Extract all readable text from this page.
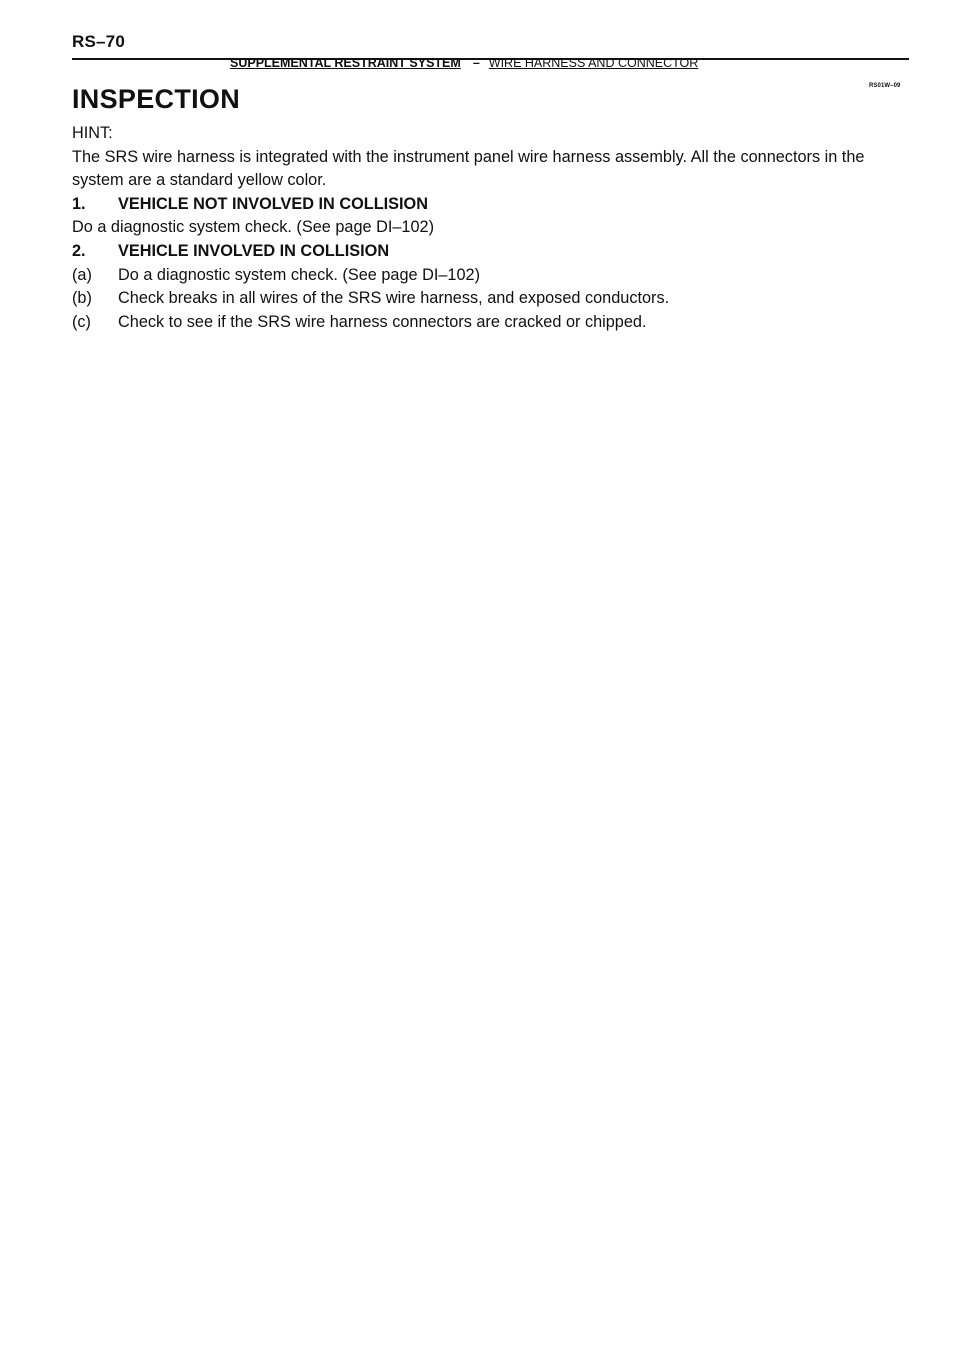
RS–70
SUPPLEMENTAL RESTRAINT SYSTEM – WIRE HARNESS AND CONNECTOR
RS01W–09
INSPECTION

HINT:

The SRS wire harness is integrated with the instrument panel wire harness assembly. All the connectors in the system are a standard yellow color.

1.	VEHICLE NOT INVOLVED IN COLLISION

Do a diagnostic system check. (See page DI–102)

2.	VEHICLE INVOLVED IN COLLISION
(a)	Do a diagnostic system check. (See page DI–102)
(b)	Check breaks in all wires of the SRS wire harness, and exposed conductors.
(c)	Check to see if the SRS wire harness connectors are cracked or chipped.
